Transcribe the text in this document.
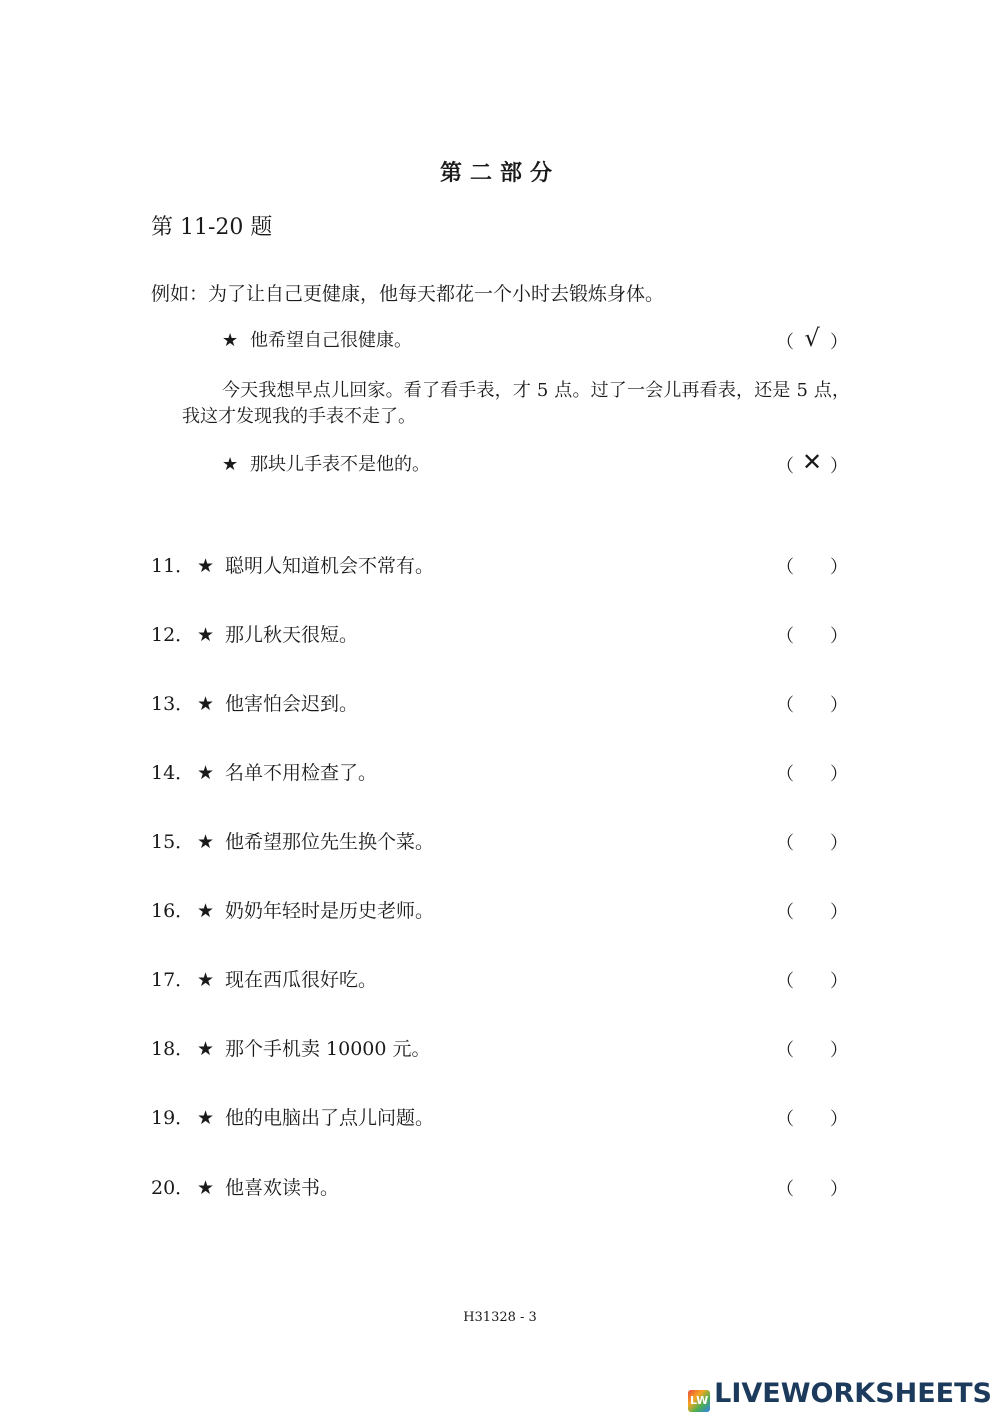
第二部分
第 11-20 题
例如：为了让自己更健康，他每天都花一个小时去锻炼身体。
★ 他希望自己很健康。	（ √ ）
今天我想早点儿回家。看了看手表，才 5 点。过了一会儿再看表，还是 5 点，我这才发现我的手表不走了。
★ 那块儿手表不是他的。	（ ✕ ）
11． ★ 聪明人知道机会不常有。	（ ）
12． ★ 那儿秋天很短。	（ ）
13． ★ 他害怕会迟到。	（ ）
14． ★ 名单不用检查了。	（ ）
15． ★ 他希望那位先生换个菜。	（ ）
16． ★ 奶奶年轻时是历史老师。	（ ）
17． ★ 现在西瓜很好吃。	（ ）
18． ★ 那个手机卖 10000 元。	（ ）
19． ★ 他的电脑出了点儿问题。	（ ）
20． ★ 他喜欢读书。	（ ）
H31328 - 3
LW LIVEWORKSHEETS
